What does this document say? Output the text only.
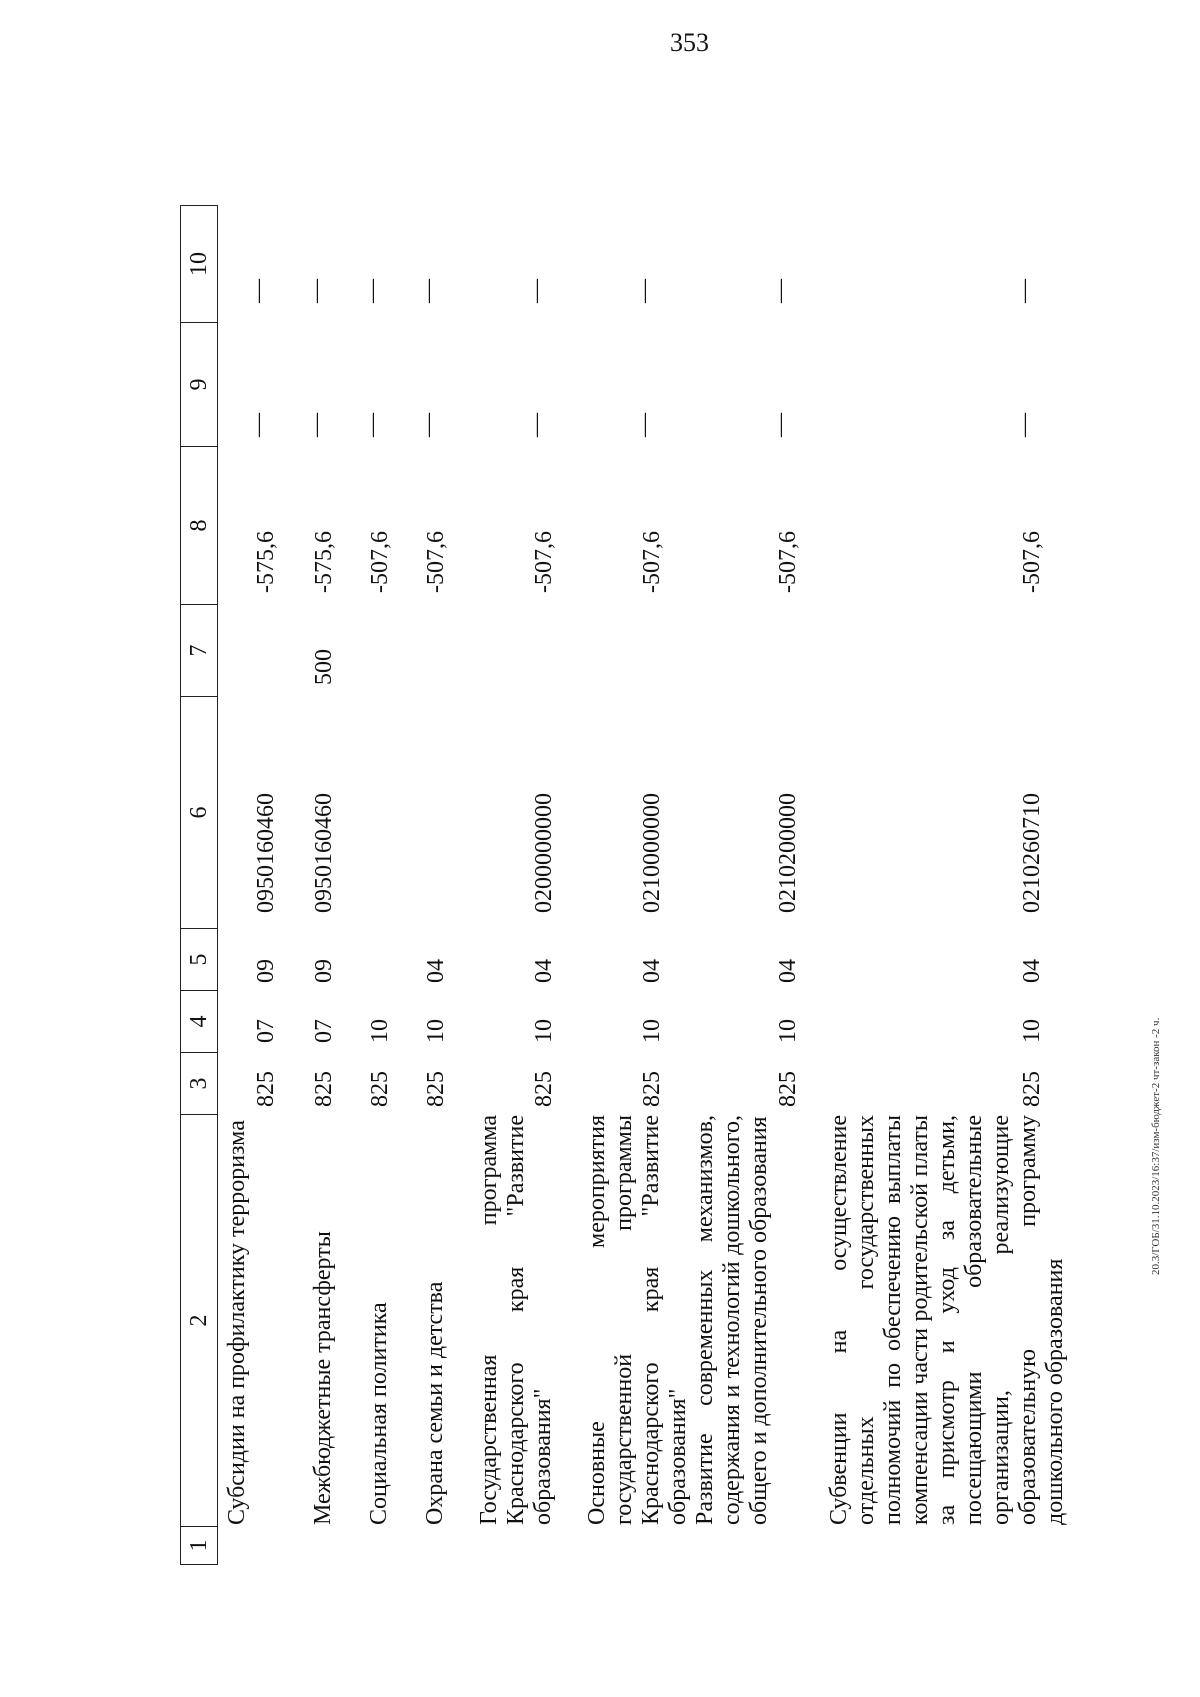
353
1
2
3
4
5
6
7
8
9
10
Субсидии на профилактику терроризма
825
07
09
0950160460
-575,6
—
—
Межбюджетные трансферты
825
07
09
0950160460
500
-575,6
—
—
Социальная политика
825
10
-507,6
—
—
Охрана семьи и детства
825
10
04
-507,6
—
—
Государственная программа Краснодарского края "Развитие образования"
825
10
04
0200000000
-507,6
—
—
Основные мероприятия государственной программы Краснодарского края "Развитие образования"
825
10
04
0210000000
-507,6
—
—
Развитие современных механизмов, содержания и технологий дошкольного, общего и дополнительного образования
825
10
04
0210200000
-507,6
—
—
Субвенции на осуществление отдельных государственных полномочий по обеспечению выплаты компенсации части родительской платы за присмотр и уход за детьми, посещающими образовательные организации, реализующие образовательную программу дошкольного образования
825
10
04
0210260710
-507,6
—
—
20.3/ГОБ/31.10.2023/16:37/изм-бюджет-2 чт-закон -2 ч.
